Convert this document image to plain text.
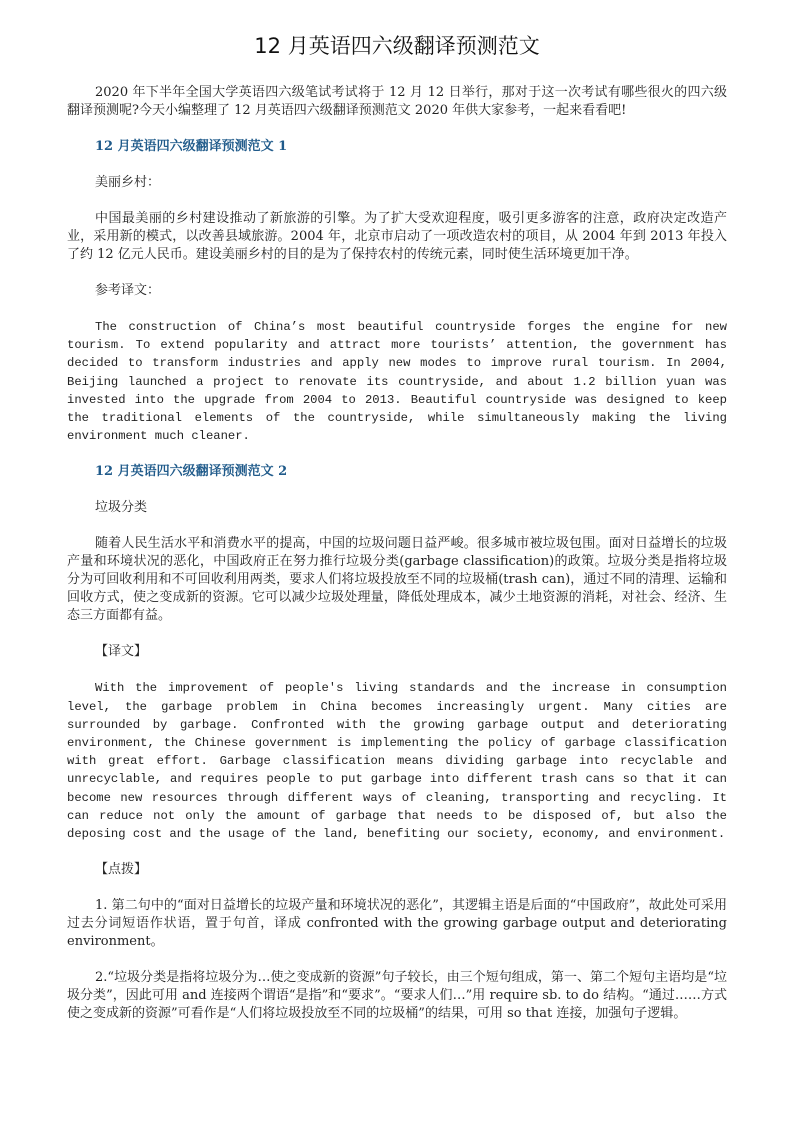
12 月英语四六级翻译预测范文

2020 年下半年全国大学英语四六级笔试考试将于 12 月 12 日举行，那对于这一次考试有哪些很火的四六级翻译预测呢?今天小编整理了 12 月英语四六级翻译预测范文 2020 年供大家参考，一起来看看吧!

12 月英语四六级翻译预测范文 1

美丽乡村：

中国最美丽的乡村建设推动了新旅游的引擎。为了扩大受欢迎程度，吸引更多游客的注意，政府决定改造产业，采用新的模式，以改善县域旅游。2004 年，北京市启动了一项改造农村的项目，从 2004 年到 2013 年投入了约 12 亿元人民币。建设美丽乡村的目的是为了保持农村的传统元素，同时使生活环境更加干净。

参考译文：

The construction of China’s most beautiful countryside forges the engine for new tourism. To extend popularity and attract more tourists’ attention, the government has decided to transform industries and apply new modes to improve rural tourism. In 2004, Beijing launched a project to renovate its countryside, and about 1.2 billion yuan was invested into the upgrade from 2004 to 2013. Beautiful countryside was designed to keep the traditional elements of the countryside, while simultaneously making the living environment much cleaner.

12 月英语四六级翻译预测范文 2

垃圾分类

随着人民生活水平和消费水平的提高，中国的垃圾问题日益严峻。很多城市被垃圾包围。面对日益增长的垃圾产量和环境状况的恶化，中国政府正在努力推行垃圾分类(garbage classification)的政策。垃圾分类是指将垃圾分为可回收利用和不可回收利用两类，要求人们将垃圾投放至不同的垃圾桶(trash can)，通过不同的清理、运输和回收方式，使之变成新的资源。它可以减少垃圾处理量，降低处理成本，减少土地资源的消耗，对社会、经济、生态三方面都有益。

【译文】

With the improvement of people's living standards and the increase in consumption level, the garbage problem in China becomes increasingly urgent. Many cities are surrounded by garbage. Confronted with the growing garbage output and deteriorating environment, the Chinese government is implementing the policy of garbage classification with great effort. Garbage classification means dividing garbage into recyclable and unrecyclable, and requires people to put garbage into different trash cans so that it can become new resources through different ways of cleaning, transporting and recycling. It can reduce not only the amount of garbage that needs to be disposed of, but also the deposing cost and the usage of the land, benefiting our society, economy, and environment.

【点拨】

1. 第二句中的“面对日益增长的垃圾产量和环境状况的恶化”，其逻辑主语是后面的“中国政府”，故此处可采用过去分词短语作状语，置于句首，译成 confronted with the growing garbage output and deteriorating environment。

2.“垃圾分类是指将垃圾分为…使之变成新的资源”句子较长，由三个短句组成，第一、第二个短句主语均是“垃圾分类”，因此可用 and 连接两个谓语“是指”和“要求”。“要求人们…”用 require sb. to do 结构。“通过……方式使之变成新的资源”可看作是“人们将垃圾投放至不同的垃圾桶”的结果，可用 so that 连接，加强句子逻辑。
